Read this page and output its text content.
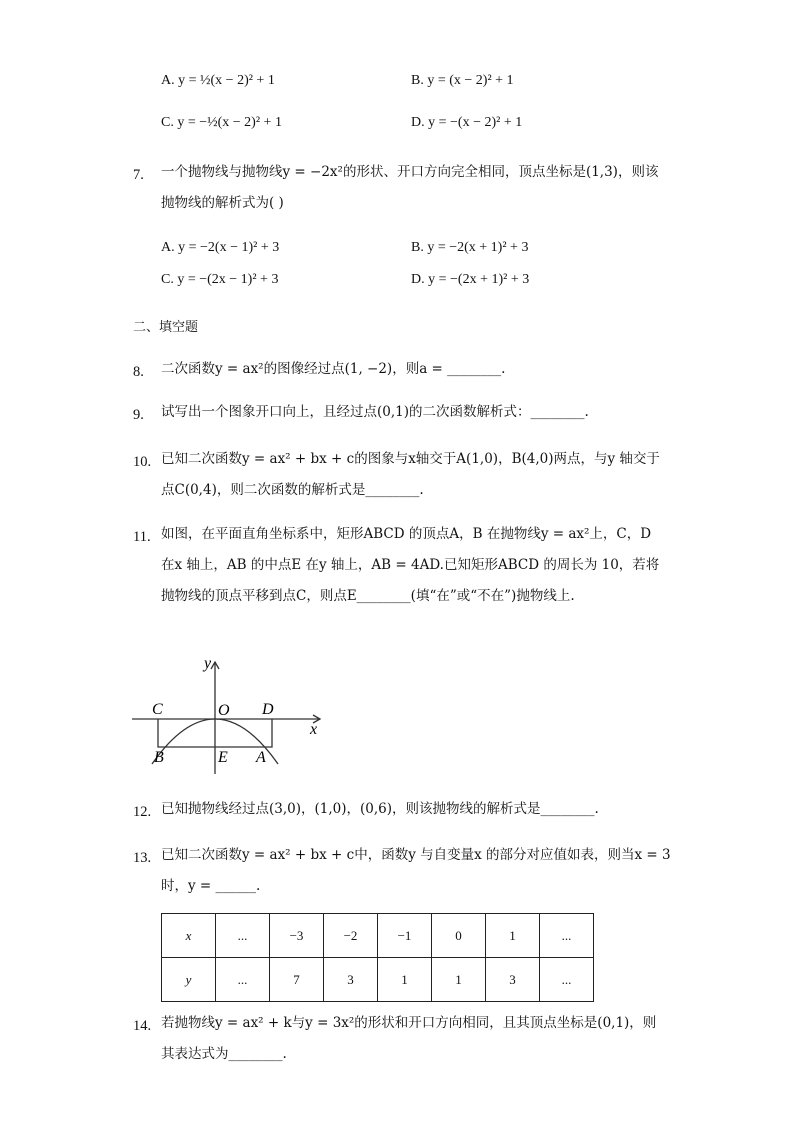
A. y = ½(x − 2)² + 1	B. y = (x − 2)² + 1
C. y = −½(x − 2)² + 1	D. y = −(x − 2)² + 1
7. 一个抛物线与抛物线y = −2x²的形状、开口方向完全相同，顶点坐标是(1,3)，则该
抛物线的解析式为( )
A. y = −2(x − 1)² + 3	B. y = −2(x + 1)² + 3
C. y = −(2x − 1)² + 3	D. y = −(2x + 1)² + 3
二、填空题
8. 二次函数y = ax²的图像经过点(1, −2)，则a = ________.
9. 试写出一个图象开口向上，且经过点(0,1)的二次函数解析式：________.
10. 已知二次函数y = ax² + bx + c的图象与x轴交于A(1,0)，B(4,0)两点，与y 轴交于
点C(0,4)，则二次函数的解析式是________.
11. 如图，在平面直角坐标系中，矩形ABCD 的顶点A，B 在抛物线y = ax²上，C，D
在x 轴上，AB 的中点E 在y 轴上，AB = 4AD.已知矩形ABCD 的周长为 10，若将
抛物线的顶点平移到点C，则点E________(填“在”或“不在”)抛物线上.
y
x
C	O D
B	E A
12. 已知抛物线经过点(3,0)，(1,0)，(0,6)，则该抛物线的解析式是________.
13. 已知二次函数y = ax² + bx + c中，函数y 与自变量x 的部分对应值如表，则当x = 3
时，y = ______.
x	...	−3	−2	−1	0	1	...
y	...	7	3	1	1	3	...
14. 若抛物线y = ax² + k与y = 3x²的形状和开口方向相同，且其顶点坐标是(0,1)，则
其表达式为________.
